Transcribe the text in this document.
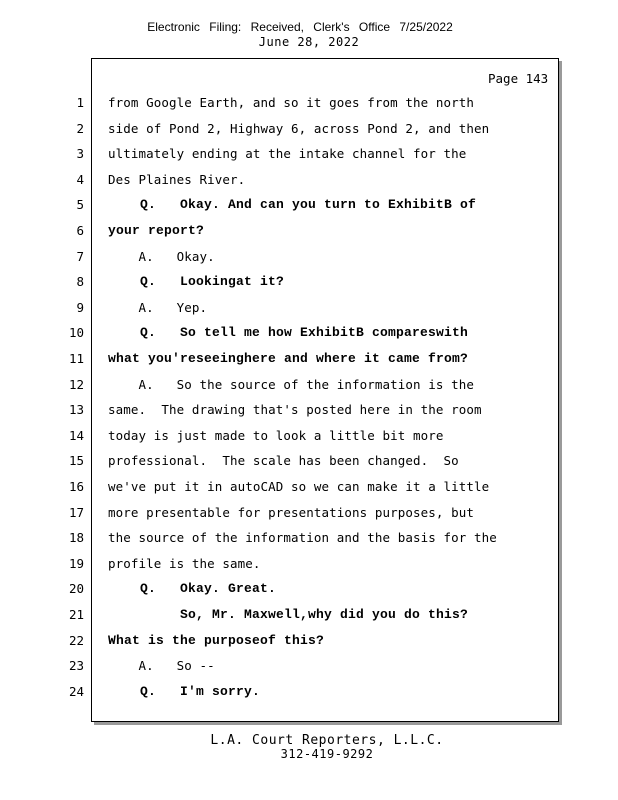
Electronic Filing: Received, Clerk's Office 7/25/2022
June 28, 2022
Page 143
1 from Google Earth, and so it goes from the north
2 side of Pond 2, Highway 6, across Pond 2, and then
3 ultimately ending at the intake channel for the
4 Des Plaines River.
5 Q.   Okay. And can you turn to ExhibitB of
6 your report?
7 A.   Okay.
8 Q.   Lookingat it?
9 A.   Yep.
10 Q.   So tell me how ExhibitB compareswith
11 what you'reseeinghere and where it came from?
12 A.   So the source of the information is the
13 same.  The drawing that's posted here in the room
14 today is just made to look a little bit more
15 professional.  The scale has been changed.  So
16 we've put it in autoCAD so we can make it a little
17 more presentable for presentations purposes, but
18 the source of the information and the basis for the
19 profile is the same.
20 Q.   Okay. Great.
21 So, Mr. Maxwell,why did you do this?
22 What is the purposeof this?
23 A.   So --
24 Q.   I'm sorry.
L.A. Court Reporters, L.L.C.
312-419-9292
